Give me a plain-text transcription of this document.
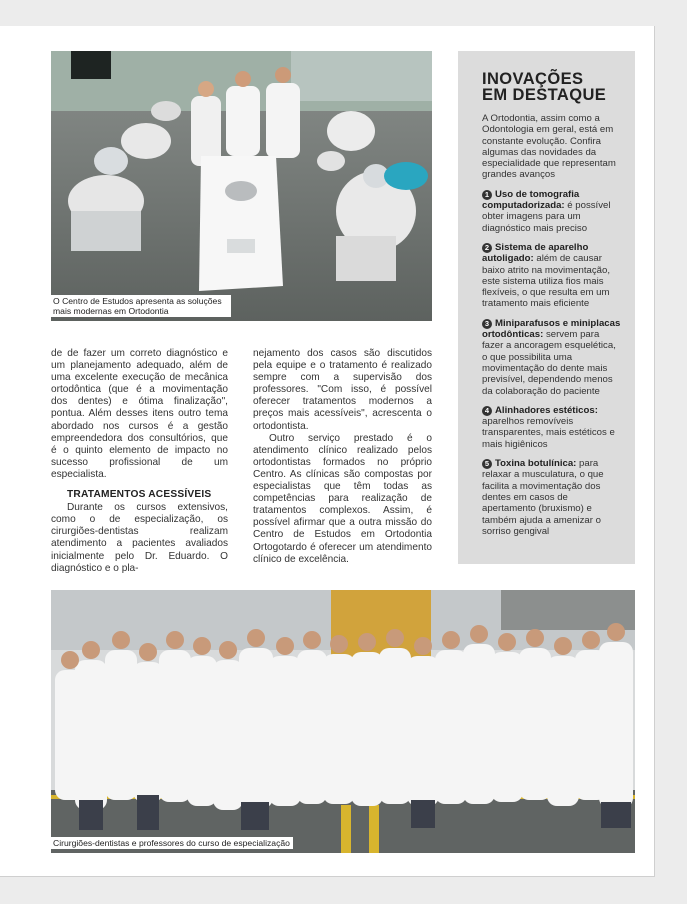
O Centro de Estudos apresenta as soluções mais modernas em Ortodontia

de de fazer um correto diagnóstico e um planejamento adequado, além de uma excelente execução de mecânica ortodôntica (que é a movimentação dos dentes) e ótima finalização", pontua. Além desses itens outro tema abordado nos cursos é a gestão empreendedora dos consultórios, que é o quinto elemento de impacto no sucesso profissional de um especialista.

TRATAMENTOS ACESSÍVEIS

Durante os cursos extensivos, como o de especialização, os cirurgiões-dentistas realizam atendimento a pacientes avaliados inicialmente pelo Dr. Eduardo. O diagnóstico e o pla-

nejamento dos casos são discutidos pela equipe e o tratamento é realizado sempre com a supervisão dos professores. "Com isso, é possível oferecer tratamentos modernos a preços mais acessíveis", acrescenta o ortodontista.

Outro serviço prestado é o atendimento clínico realizado pelos ortodontistas formados no próprio Centro. As clínicas são compostas por especialistas que têm todas as competências para realização de tratamentos complexos. Assim, é possível afirmar que a outra missão do Centro de Estudos em Ortodontia Ortogotardo é oferecer um atendimento clínico de excelência.

INOVAÇÕES
EM DESTAQUE

A Ortodontia, assim como a Odontologia em geral, está em constante evolução. Confira algumas das novidades da especialidade que representam grandes avanços

1 Uso de tomografia computadorizada: é possível obter imagens para um diagnóstico mais preciso
2 Sistema de aparelho autoligado: além de causar baixo atrito na movimentação, este sistema utiliza fios mais flexíveis, o que resulta em um tratamento mais eficiente
3 Miniparafusos e miniplacas ortodônticas: servem para fazer a ancoragem esquelética, o que possibilita uma movimentação do dente mais previsível, dependendo menos da colaboração do paciente
4 Alinhadores estéticos: aparelhos removíveis transparentes, mais estéticos e mais higiênicos
5 Toxina botulínica: para relaxar a musculatura, o que facilita a movimentação dos dentes em casos de apertamento (bruxismo) e também ajuda a amenizar o sorriso gengival
Cirurgiões-dentistas e professores do curso de especialização
